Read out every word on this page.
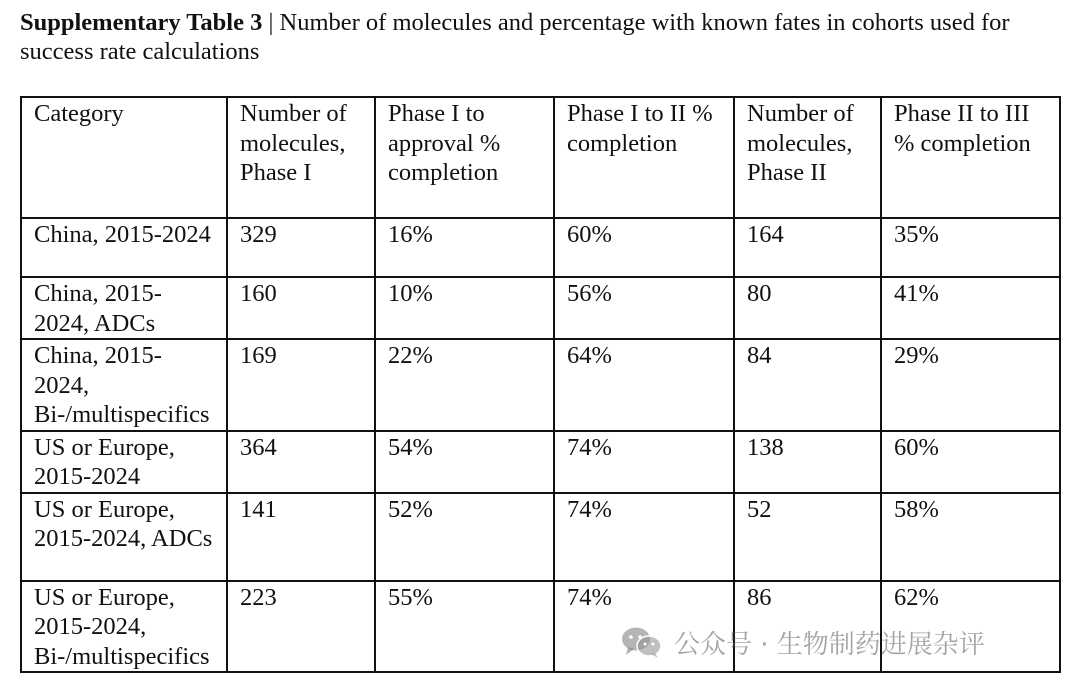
Supplementary Table 3 | Number of molecules and percentage with known fates in cohorts used for success rate calculations
Category	Number of molecules, Phase I	Phase I to approval % completion	Phase I to II % completion	Number of molecules, Phase II	Phase II to III % completion
China, 2015-2024	329	16%	60%	164	35%
China, 2015-2024, ADCs	160	10%	56%	80	41%
China, 2015-2024, Bi-/multispecifics	169	22%	64%	84	29%
US or Europe, 2015-2024	364	54%	74%	138	60%
US or Europe, 2015-2024, ADCs	141	52%	74%	52	58%
US or Europe, 2015-2024, Bi-/multispecifics	223	55%	74%	86	62%
公众号 · 生物制药进展杂评
